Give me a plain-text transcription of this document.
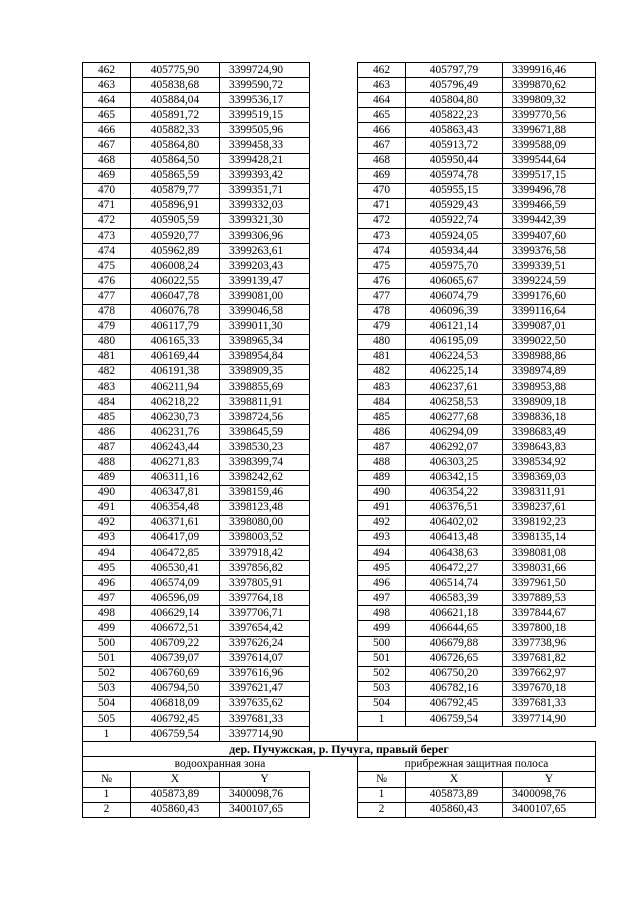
462	405775,90	3399724,90		462	405797,79	3399916,46
463	405838,68	3399590,72		463	405796,49	3399870,62
464	405884,04	3399536,17		464	405804,80	3399809,32
465	405891,72	3399519,15		465	405822,23	3399770,56
466	405882,33	3399505,96		466	405863,43	3399671,88
467	405864,80	3399458,33		467	405913,72	3399588,09
468	405864,50	3399428,21		468	405950,44	3399544,64
469	405865,59	3399393,42		469	405974,78	3399517,15
470	405879,77	3399351,71		470	405955,15	3399496,78
471	405896,91	3399332,03		471	405929,43	3399466,59
472	405905,59	3399321,30		472	405922,74	3399442,39
473	405920,77	3399306,96		473	405924,05	3399407,60
474	405962,89	3399263,61		474	405934,44	3399376,58
475	406008,24	3399203,43		475	405975,70	3399339,51
476	406022,55	3399139,47		476	406065,67	3399224,59
477	406047,78	3399081,00		477	406074,79	3399176,60
478	406076,78	3399046,58		478	406096,39	3399116,64
479	406117,79	3399011,30		479	406121,14	3399087,01
480	406165,33	3398965,34		480	406195,09	3399022,50
481	406169,44	3398954,84		481	406224,53	3398988,86
482	406191,38	3398909,35		482	406225,14	3398974,89
483	406211,94	3398855,69		483	406237,61	3398953,88
484	406218,22	3398811,91		484	406258,53	3398909,18
485	406230,73	3398724,56		485	406277,68	3398836,18
486	406231,76	3398645,59		486	406294,09	3398683,49
487	406243,44	3398530,23		487	406292,07	3398643,83
488	406271,83	3398399,74		488	406303,25	3398534,92
489	406311,16	3398242,62		489	406342,15	3398369,03
490	406347,81	3398159,46		490	406354,22	3398311,91
491	406354,48	3398123,48		491	406376,51	3398237,61
492	406371,61	3398080,00		492	406402,02	3398192,23
493	406417,09	3398003,52		493	406413,48	3398135,14
494	406472,85	3397918,42		494	406438,63	3398081,08
495	406530,41	3397856,82		495	406472,27	3398031,66
496	406574,09	3397805,91		496	406514,74	3397961,50
497	406596,09	3397764,18		497	406583,39	3397889,53
498	406629,14	3397706,71		498	406621,18	3397844,67
499	406672,51	3397654,42		499	406644,65	3397800,18
500	406709,22	3397626,24		500	406679,88	3397738,96
501	406739,07	3397614,07		501	406726,65	3397681,82
502	406760,69	3397616,96		502	406750,20	3397662,97
503	406794,50	3397621,47		503	406782,16	3397670,18
504	406818,09	3397635,62		504	406792,45	3397681,33
505	406792,45	3397681,33		1	406759,54	3397714,90
1	406759,54	3397714,90				
дер. Пучужская, р. Пучуга, правый берег						
водоохранная зона				прибрежная защитная полоса		
№	X	Y		№	X	Y
1	405873,89	3400098,76		1	405873,89	3400098,76
2	405860,43	3400107,65		2	405860,43	3400107,65
